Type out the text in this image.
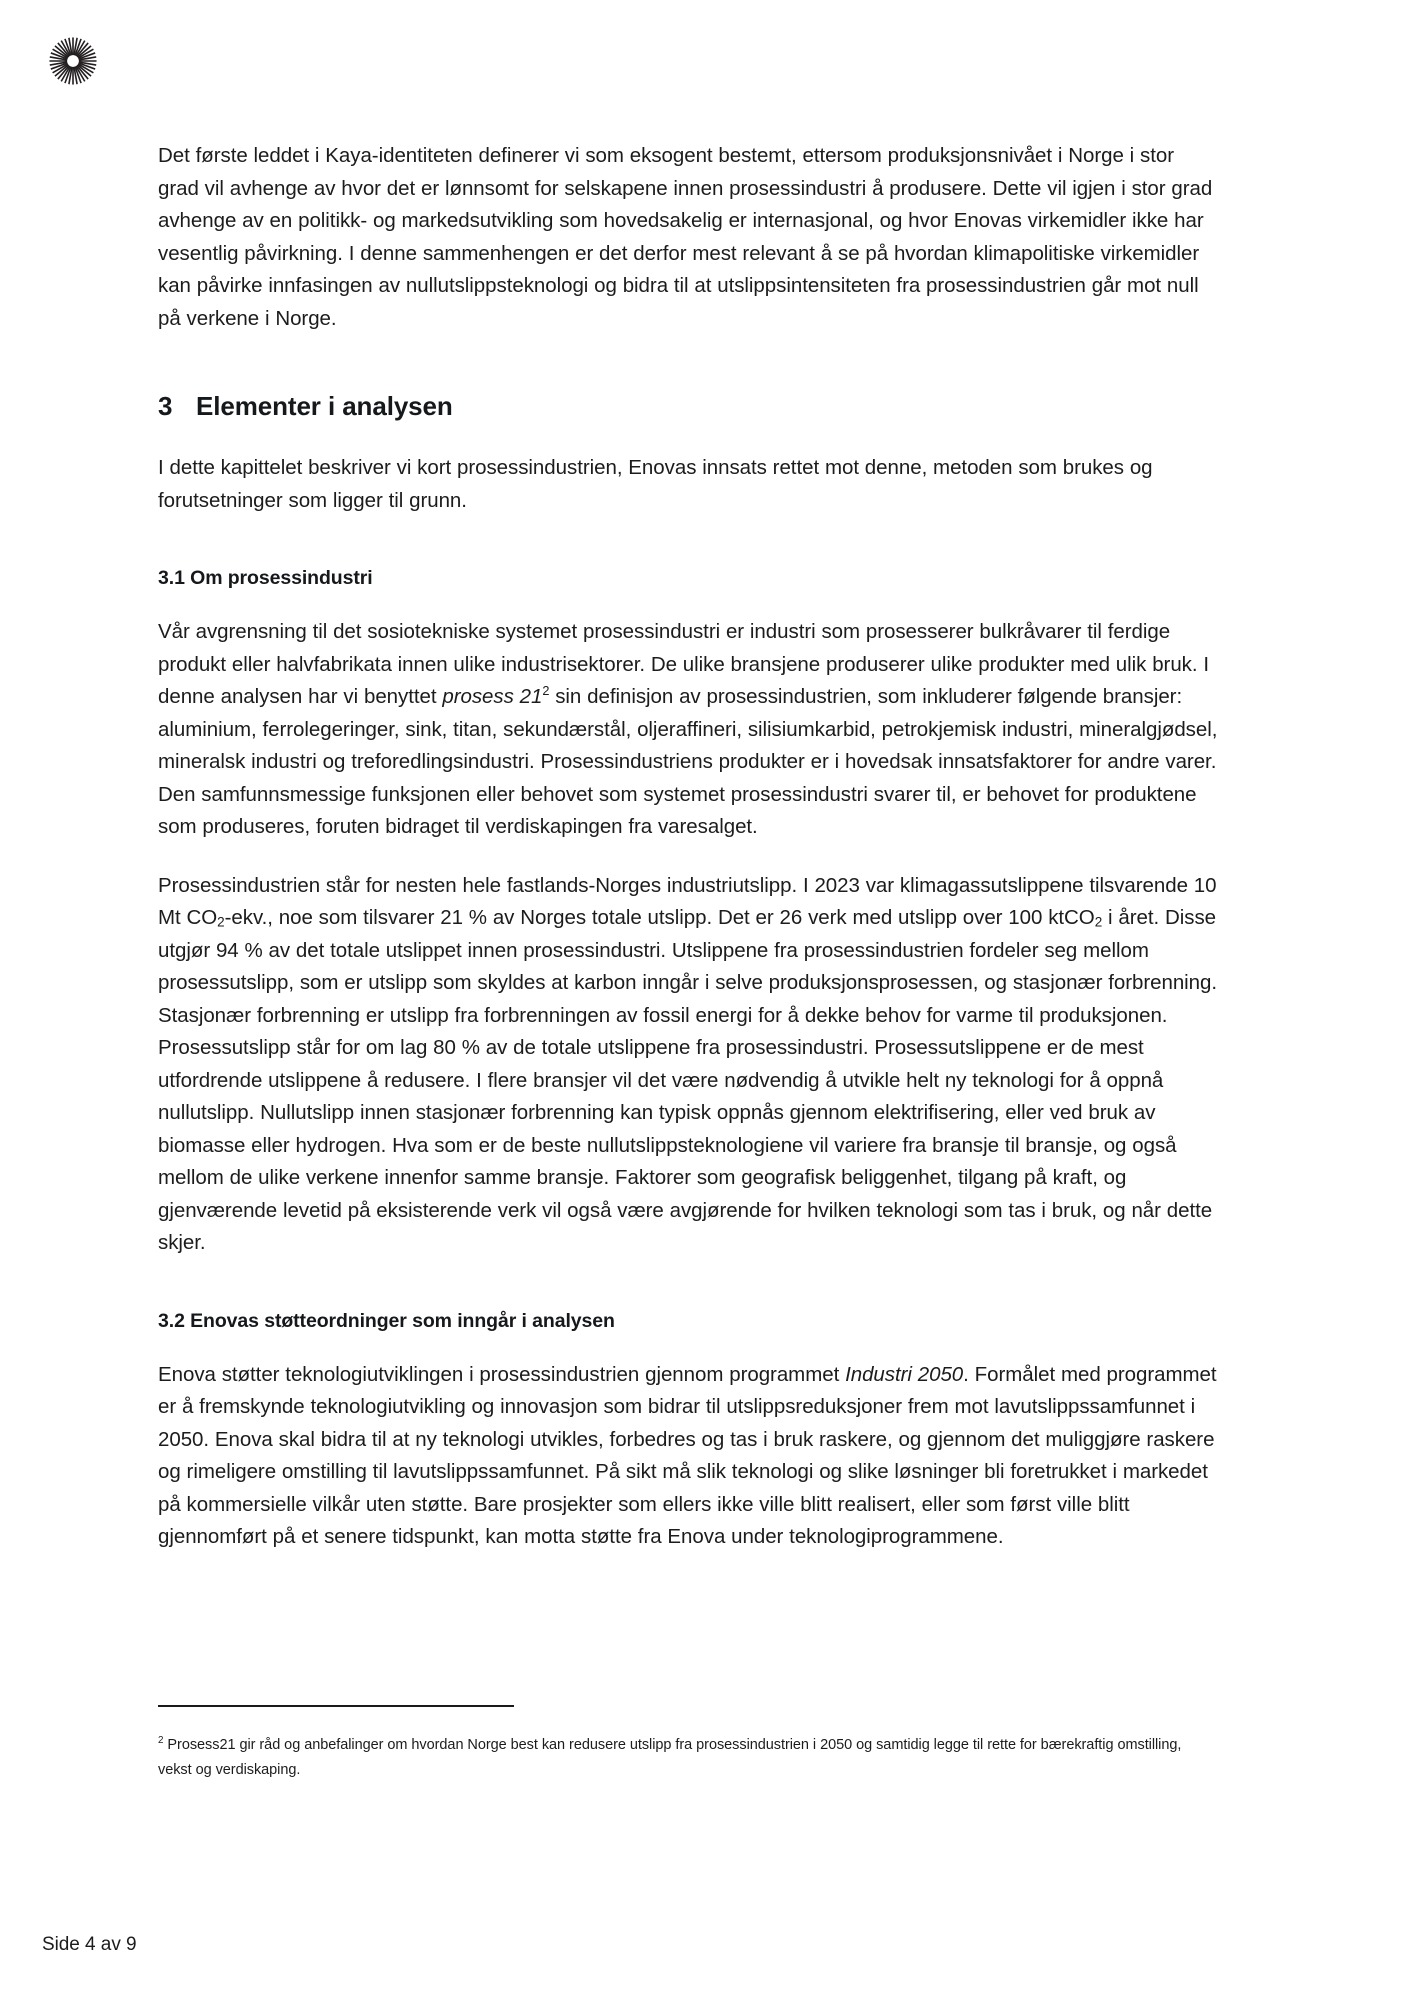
Det første leddet i Kaya-identiteten definerer vi som eksogent bestemt, ettersom produksjonsnivået i Norge i stor grad vil avhenge av hvor det er lønnsomt for selskapene innen prosessindustri å produsere. Dette vil igjen i stor grad avhenge av en politikk- og markedsutvikling som hovedsakelig er internasjonal, og hvor Enovas virkemidler ikke har vesentlig påvirkning. I denne sammenhengen er det derfor mest relevant å se på hvordan klimapolitiske virkemidler kan påvirke innfasingen av nullutslippsteknologi og bidra til at utslippsintensiteten fra prosessindustrien går mot null på verkene i Norge.

3 Elementer i analysen

I dette kapittelet beskriver vi kort prosessindustrien, Enovas innsats rettet mot denne, metoden som brukes og forutsetninger som ligger til grunn.

3.1 Om prosessindustri

Vår avgrensning til det sosiotekniske systemet prosessindustri er industri som prosesserer bulkråvarer til ferdige produkt eller halvfabrikata innen ulike industrisektorer. De ulike bransjene produserer ulike produkter med ulik bruk. I denne analysen har vi benyttet prosess 21$^2$ sin definisjon av prosessindustrien, som inkluderer følgende bransjer: aluminium, ferrolegeringer, sink, titan, sekundærstål, oljeraffineri, silisiumkarbid, petrokjemisk industri, mineralgjødsel, mineralsk industri og treforedlingsindustri. Prosessindustriens produkter er i hovedsak innsatsfaktorer for andre varer. Den samfunnsmessige funksjonen eller behovet som systemet prosessindustri svarer til, er behovet for produktene som produseres, foruten bidraget til verdiskapingen fra varesalget.

Prosessindustrien står for nesten hele fastlands-Norges industriutslipp. I 2023 var klimagassutslippene tilsvarende 10 Mt $CO_2$-ekv., noe som tilsvarer 21 % av Norges totale utslipp. Det er 26 verk med utslipp over 100 ktCO$_2$ i året. Disse utgjør 94 % av det totale utslippet innen prosessindustri. Utslippene fra prosessindustrien fordeler seg mellom prosessutslipp, som er utslipp som skyldes at karbon inngår i selve produksjonsprosessen, og stasjonær forbrenning. Stasjonær forbrenning er utslipp fra forbrenningen av fossil energi for å dekke behov for varme til produksjonen. Prosessutslipp står for om lag 80 % av de totale utslippene fra prosessindustri. Prosessutslippene er de mest utfordrende utslippene å redusere. I flere bransjer vil det være nødvendig å utvikle helt ny teknologi for å oppnå nullutslipp. Nullutslipp innen stasjonær forbrenning kan typisk oppnås gjennom elektrifisering, eller ved bruk av biomasse eller hydrogen. Hva som er de beste nullutslippsteknologiene vil variere fra bransje til bransje, og også mellom de ulike verkene innenfor samme bransje. Faktorer som geografisk beliggenhet, tilgang på kraft, og gjenværende levetid på eksisterende verk vil også være avgjørende for hvilken teknologi som tas i bruk, og når dette skjer.

3.2 Enovas støtteordninger som inngår i analysen

Enova støtter teknologiutviklingen i prosessindustrien gjennom programmet Industri 2050. Formålet med programmet er å fremskynde teknologiutvikling og innovasjon som bidrar til utslippsreduksjoner frem mot lavutslippssamfunnet i 2050. Enova skal bidra til at ny teknologi utvikles, forbedres og tas i bruk raskere, og gjennom det muliggjøre raskere og rimeligere omstilling til lavutslippssamfunnet. På sikt må slik teknologi og slike løsninger bli foretrukket i markedet på kommersielle vilkår uten støtte. Bare prosjekter som ellers ikke ville blitt realisert, eller som først ville blitt gjennomført på et senere tidspunkt, kan motta støtte fra Enova under teknologiprogrammene.

$^2$ Prosess21 gir råd og anbefalinger om hvordan Norge best kan redusere utslipp fra prosessindustrien i 2050 og samtidig legge til rette for bærekraftig omstilling, vekst og verdiskaping.

Side 4 av 9
